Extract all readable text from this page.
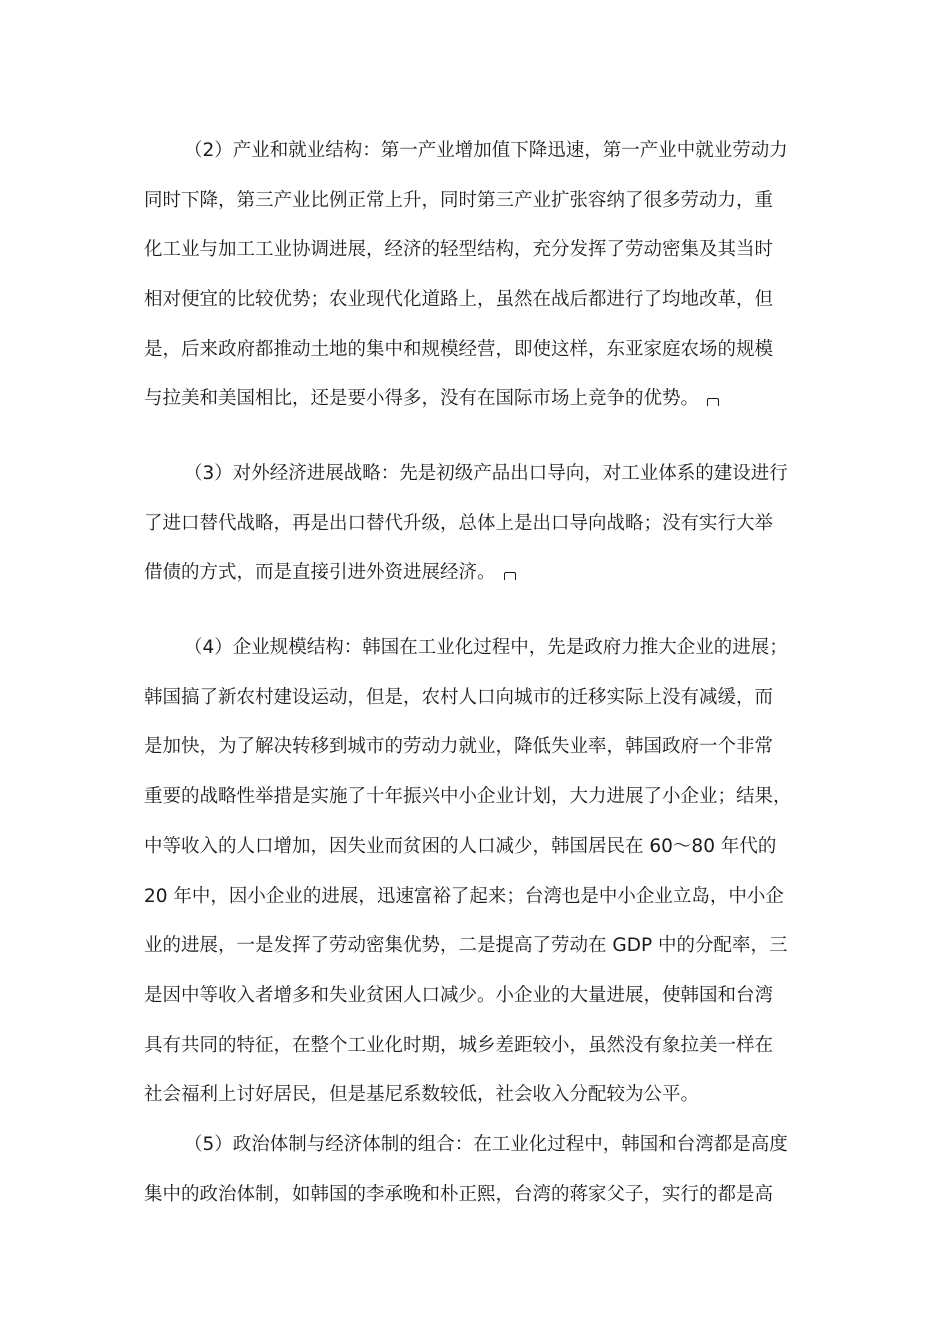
（2）产业和就业结构：第一产业增加值下降迅速，第一产业中就业劳动力
同时下降，第三产业比例正常上升，同时第三产业扩张容纳了很多劳动力，重
化工业与加工工业协调进展，经济的轻型结构，充分发挥了劳动密集及其当时
相对便宜的比较优势；农业现代化道路上，虽然在战后都进行了均地改革，但
是，后来政府都推动土地的集中和规模经营，即使这样，东亚家庭农场的规模
与拉美和美国相比，还是要小得多，没有在国际市场上竞争的优势。
（3）对外经济进展战略：先是初级产品出口导向，对工业体系的建设进行
了进口替代战略，再是出口替代升级，总体上是出口导向战略；没有实行大举
借债的方式，而是直接引进外资进展经济。
（4）企业规模结构：韩国在工业化过程中，先是政府力推大企业的进展；
韩国搞了新农村建设运动，但是，农村人口向城市的迁移实际上没有减缓，而
是加快，为了解决转移到城市的劳动力就业，降低失业率，韩国政府一个非常
重要的战略性举措是实施了十年振兴中小企业计划，大力进展了小企业；结果，
中等收入的人口增加，因失业而贫困的人口减少，韩国居民在 60～80 年代的
20 年中，因小企业的进展，迅速富裕了起来；台湾也是中小企业立岛，中小企
业的进展，一是发挥了劳动密集优势，二是提高了劳动在 GDP 中的分配率，三
是因中等收入者增多和失业贫困人口减少。小企业的大量进展，使韩国和台湾
具有共同的特征，在整个工业化时期，城乡差距较小，虽然没有象拉美一样在
社会福利上讨好居民，但是基尼系数较低，社会收入分配较为公平。
（5）政治体制与经济体制的组合：在工业化过程中，韩国和台湾都是高度
集中的政治体制，如韩国的李承晚和朴正熙，台湾的蒋家父子，实行的都是高
